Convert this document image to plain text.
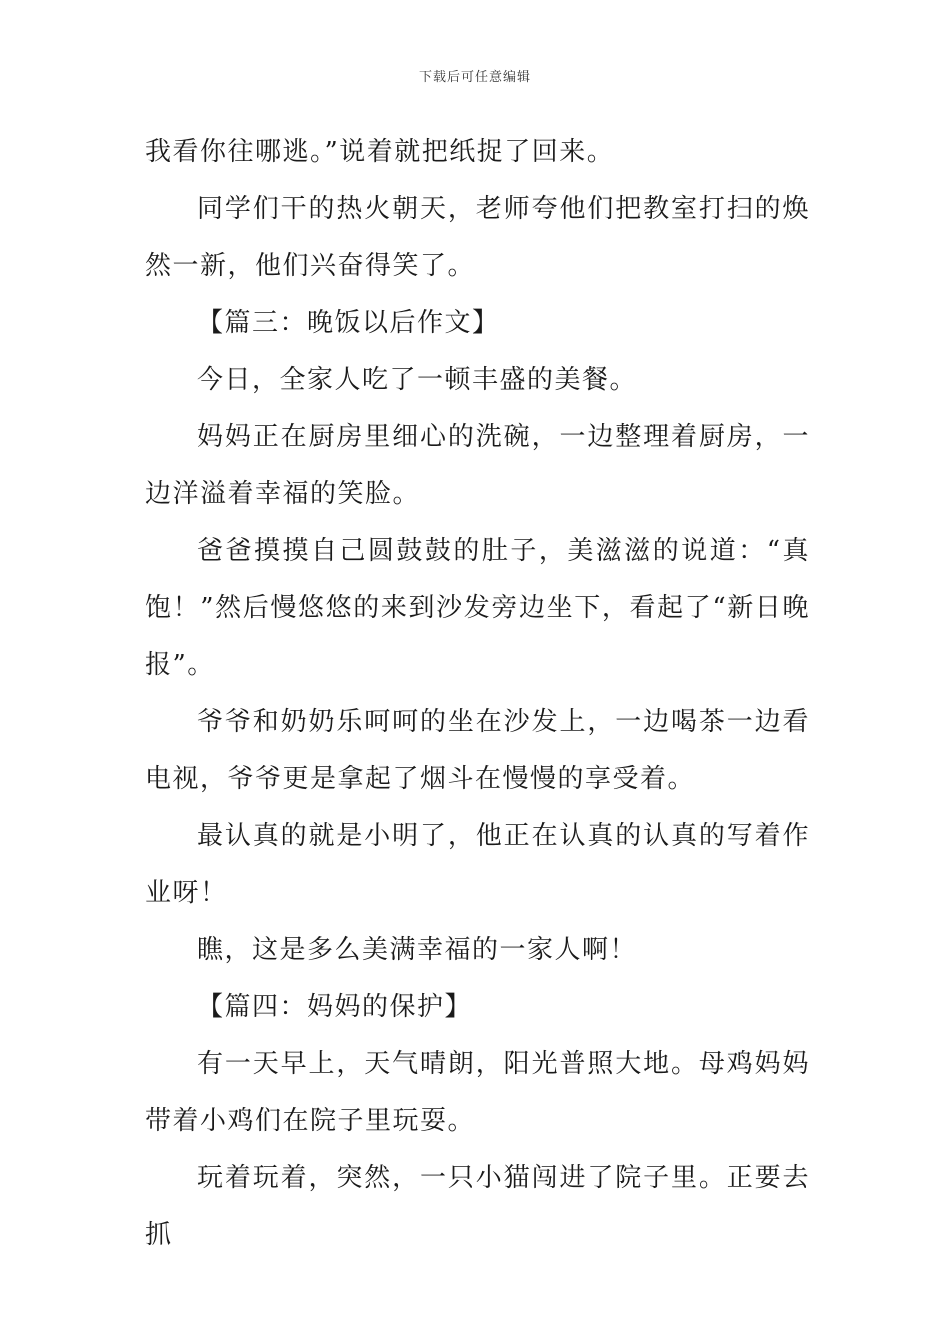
下载后可任意编辑

我看你往哪逃。”说着就把纸捉了回来。

同学们干的热火朝天，老师夸他们把教室打扫的焕然一新，他们兴奋得笑了。

【篇三：晚饭以后作文】

今日，全家人吃了一顿丰盛的美餐。

妈妈正在厨房里细心的洗碗，一边整理着厨房，一边洋溢着幸福的笑脸。

爸爸摸摸自己圆鼓鼓的肚子，美滋滋的说道：“真饱！”然后慢悠悠的来到沙发旁边坐下，看起了“新日晚报”。

爷爷和奶奶乐呵呵的坐在沙发上，一边喝茶一边看电视，爷爷更是拿起了烟斗在慢慢的享受着。

最认真的就是小明了，他正在认真的认真的写着作业呀！

瞧，这是多么美满幸福的一家人啊！

【篇四：妈妈的保护】

有一天早上，天气晴朗，阳光普照大地。母鸡妈妈带着小鸡们在院子里玩耍。

玩着玩着，突然，一只小猫闯进了院子里。正要去抓
